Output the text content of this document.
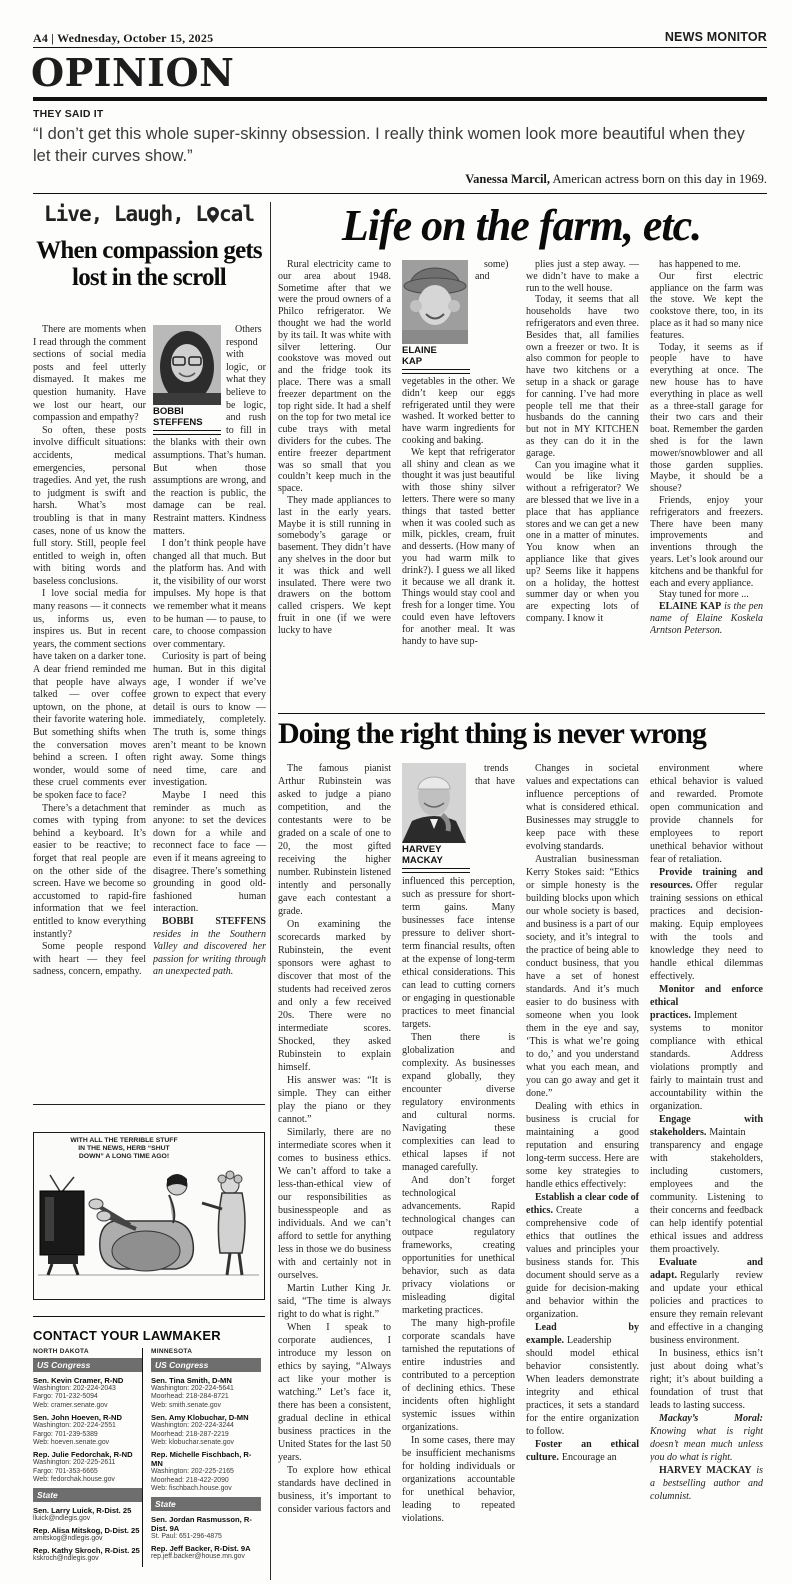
A4 | Wednesday, October 15, 2025	NEWS MONITOR
OPINION
THEY SAID IT
“I don’t get this whole super-skinny obsession. I really think women look more beautiful when they let their curves show.”
Vanessa Marcil, American actress born on this day in 1969.
Live, Laugh, L cal
When compassion gets lost in the scroll

There are moments when I read through the comment sections of social media posts and feel utterly dismayed. It makes me question humanity. Have we lost our heart, our compassion and empathy?

So often, these posts involve difficult situations: accidents, medical emergencies, personal tragedies. And yet, the rush to judgment is swift and harsh. What’s most troubling is that in many cases, none of us know the full story. Still, people feel entitled to weigh in, often with biting words and baseless conclusions.

I love social media for many reasons — it connects us, informs us, even inspires us. But in recent years, the comment sections have taken on a darker tone. A dear friend reminded me that people have always talked — over coffee uptown, on the phone, at their favorite watering hole. But something shifts when the conversation moves behind a screen. I often wonder, would some of these cruel comments ever be spoken face to face?

There’s a detachment that comes with typing from behind a keyboard. It’s easier to be reactive; to forget that real people are on the other side of the screen. Have we become so accustomed to rapid-fire information that we feel entitled to know everything instantly?

Some people respond with heart — they feel sadness, concern, empathy.

BOBBI
STEFFENS

Others respond with logic, or what they believe to be logic, and rush to fill in the blanks with their own assumptions. That’s human. But when those assumptions are wrong, and the reaction is public, the damage can be real. Restraint matters. Kindness matters.

I don’t think people have changed all that much. But the platform has. And with it, the visibility of our worst impulses. My hope is that we remember what it means to be human — to pause, to care, to choose compassion over commentary.

Curiosity is part of being human. But in this digital age, I wonder if we’ve grown to expect that every detail is ours to know — immediately, completely. The truth is, some things aren’t meant to be known right away. Some things need time, care and investigation.

Maybe I need this reminder as much as anyone: to set the devices down for a while and reconnect face to face — even if it means agreeing to disagree. There’s something grounding in good old-fashioned human interaction.

BOBBI STEFFENS resides in the Southern Valley and discovered her passion for writing through an unexpected path.

WITH ALL THE TERRIBLE STUFF IN THE NEWS, HERB “SHUT DOWN” A LONG TIME AGO!
CONTACT YOUR LAWMAKER
NORTH DAKOTA
US Congress
Sen. Kevin Cramer, R-ND
Washington: 202-224-2043
Fargo: 701-232-5094
Web: cramer.senate.gov
Sen. John Hoeven, R-ND
Washington: 202-224-2551
Fargo: 701-239-5389
Web: hoeven.senate.gov
Rep. Julie Fedorchak, R-ND
Washington: 202-225-2611
Fargo: 701-353-6665
Web: fedorchak.house.gov
State
Sen. Larry Luick, R-Dist. 25
lluick@ndlegis.gov
Rep. Alisa Mitskog, D-Dist. 25
amitskog@ndlegis.gov
Rep. Kathy Skroch, R-Dist. 25
kskroch@ndlegis.gov
MINNESOTA
US Congress
Sen. Tina Smith, D-MN
Washington: 202-224-5641
Moorhead: 218-284-8721
Web: smith.senate.gov
Sen. Amy Klobuchar, D-MN
Washington: 202-224-3244
Moorhead: 218-287-2219
Web: klobuchar.senate.gov
Rep. Michelle Fischbach, R-MN
Washington: 202-225-2165
Moorhead: 218-422-2090
Web: fischbach.house.gov
State
Sen. Jordan Rasmusson, R-Dist. 9A
St. Paul: 651-296-4875
Rep. Jeff Backer, R-Dist. 9A
rep.jeff.backer@house.mn.gov
Life on the farm, etc.

Rural electricity came to our area about 1948. Sometime after that we were the proud owners of a Philco refrigerator. We thought we had the world by its tail. It was white with silver lettering. Our cookstove was moved out and the fridge took its place. There was a small freezer department on the top right side. It had a shelf on the top for two metal ice cube trays with metal dividers for the cubes. The entire freezer department was so small that you couldn’t keep much in the space.

They made appliances to last in the early years. Maybe it is still running in somebody’s garage or basement. They didn’t have any shelves in the door but it was thick and well insulated. There were two drawers on the bottom called crispers. We kept fruit in one (if we were lucky to have

ELAINE
KAP

some) and vegetables in the other. We didn’t keep our eggs refrigerated until they were washed. It worked better to have warm ingredients for cooking and baking.

We kept that refrigerator all shiny and clean as we thought it was just beautiful with those shiny silver letters. There were so many things that tasted better when it was cooled such as milk, pickles, cream, fruit and desserts. (How many of you had warm milk to drink?). I guess we all liked it because we all drank it. Things would stay cool and fresh for a longer time. You could even have leftovers for another meal. It was handy to have sup-

plies just a step away. — we didn’t have to make a run to the well house.

Today, it seems that all households have two refrigerators and even three. Besides that, all families own a freezer or two. It is also common for people to have two kitchens or a setup in a shack or garage for canning. I’ve had more people tell me that their husbands do the canning but not in MY KITCHEN as they can do it in the garage.

Can you imagine what it would be like living without a refrigerator? We are blessed that we live in a place that has appliance stores and we can get a new one in a matter of minutes. You know when an appliance like that gives up? Seems like it happens on a holiday, the hottest summer day or when you are expecting lots of company. I know it

has happened to me.

Our first electric appliance on the farm was the stove. We kept the cookstove there, too, in its place as it had so many nice features.

Today, it seems as if people have to have everything at once. The new house has to have everything in place as well as a three-stall garage for their two cars and their boat. Remember the garden shed is for the lawn mower/snowblower and all those garden supplies. Maybe, it should be a shouse?

Friends, enjoy your refrigerators and freezers. There have been many improvements and inventions through the years. Let’s look around our kitchens and be thankful for each and every appliance.

Stay tuned for more ...

ELAINE KAP is the pen name of Elaine Koskela Arntson Peterson.

Doing the right thing is never wrong

The famous pianist Arthur Rubinstein was asked to judge a piano competition, and the contestants were to be graded on a scale of one to 20, the most gifted receiving the higher number. Rubinstein listened intently and personally gave each contestant a grade.

On examining the scorecards marked by Rubinstein, the event sponsors were aghast to discover that most of the students had received zeros and only a few received 20s. There were no intermediate scores. Shocked, they asked Rubinstein to explain himself.

His answer was: “It is simple. They can either play the piano or they cannot.”

Similarly, there are no intermediate scores when it comes to business ethics. We can’t afford to take a less-than-ethical view of our responsibilities as businesspeople and as individuals. And we can’t afford to settle for anything less in those we do business with and certainly not in ourselves.

Martin Luther King Jr. said, “The time is always right to do what is right.”

When I speak to corporate audiences, I introduce my lesson on ethics by saying, “Always act like your mother is watching.” Let’s face it, there has been a consistent, gradual decline in ethical business practices in the United States for the last 50 years.

To explore how ethical standards have declined in business, it’s important to consider various factors and

HARVEY
MACKAY

trends that have influenced this perception, such as pressure for short-term gains. Many businesses face intense pressure to deliver short-term financial results, often at the expense of long-term ethical considerations. This can lead to cutting corners or engaging in questionable practices to meet financial targets.

Then there is globalization and complexity. As businesses expand globally, they encounter diverse regulatory environments and cultural norms. Navigating these complexities can lead to ethical lapses if not managed carefully.

And don’t forget technological advancements. Rapid technological changes can outpace regulatory frameworks, creating opportunities for unethical behavior, such as data privacy violations or misleading digital marketing practices.

The many high-profile corporate scandals have tarnished the reputations of entire industries and contributed to a perception of declining ethics. These incidents often highlight systemic issues within organizations.

In some cases, there may be insufficient mechanisms for holding individuals or organizations accountable for unethical behavior, leading to repeated violations.

Changes in societal values and expectations can influence perceptions of what is considered ethical. Businesses may struggle to keep pace with these evolving standards.

Australian businessman Kerry Stokes said: “Ethics or simple honesty is the building blocks upon which our whole society is based, and business is a part of our society, and it’s integral to the practice of being able to conduct business, that you have a set of honest standards. And it’s much easier to do business with someone when you look them in the eye and say, ‘This is what we’re going to do,’ and you understand what you each mean, and you can go away and get it done.”

Dealing with ethics in business is crucial for maintaining a good reputation and ensuring long-term success. Here are some key strategies to handle ethics effectively:

Establish a clear code of ethics. Create a comprehensive code of ethics that outlines the values and principles your business stands for. This document should serve as a guide for decision-making and behavior within the organization.

Lead by example. Leadership should model ethical behavior consistently. When leaders demonstrate integrity and ethical practices, it sets a standard for the entire organization to follow.

Foster an ethical culture. Encourage an

environment where ethical behavior is valued and rewarded. Promote open communication and provide channels for employees to report unethical behavior without fear of retaliation.

Provide training and resources. Offer regular training sessions on ethical practices and decision-making. Equip employees with the tools and knowledge they need to handle ethical dilemmas effectively.

Monitor and enforce ethical practices. Implement systems to monitor compliance with ethical standards. Address violations promptly and fairly to maintain trust and accountability within the organization.

Engage with stakeholders. Maintain transparency and engage with stakeholders, including customers, employees and the community. Listening to their concerns and feedback can help identify potential ethical issues and address them proactively.

Evaluate and adapt. Regularly review and update your ethical policies and practices to ensure they remain relevant and effective in a changing business environment.

In business, ethics isn’t just about doing what’s right; it’s about building a foundation of trust that leads to lasting success.

Mackay’s Moral: Knowing what is right doesn’t mean much unless you do what is right.

HARVEY MACKAY is a bestselling author and columnist.
